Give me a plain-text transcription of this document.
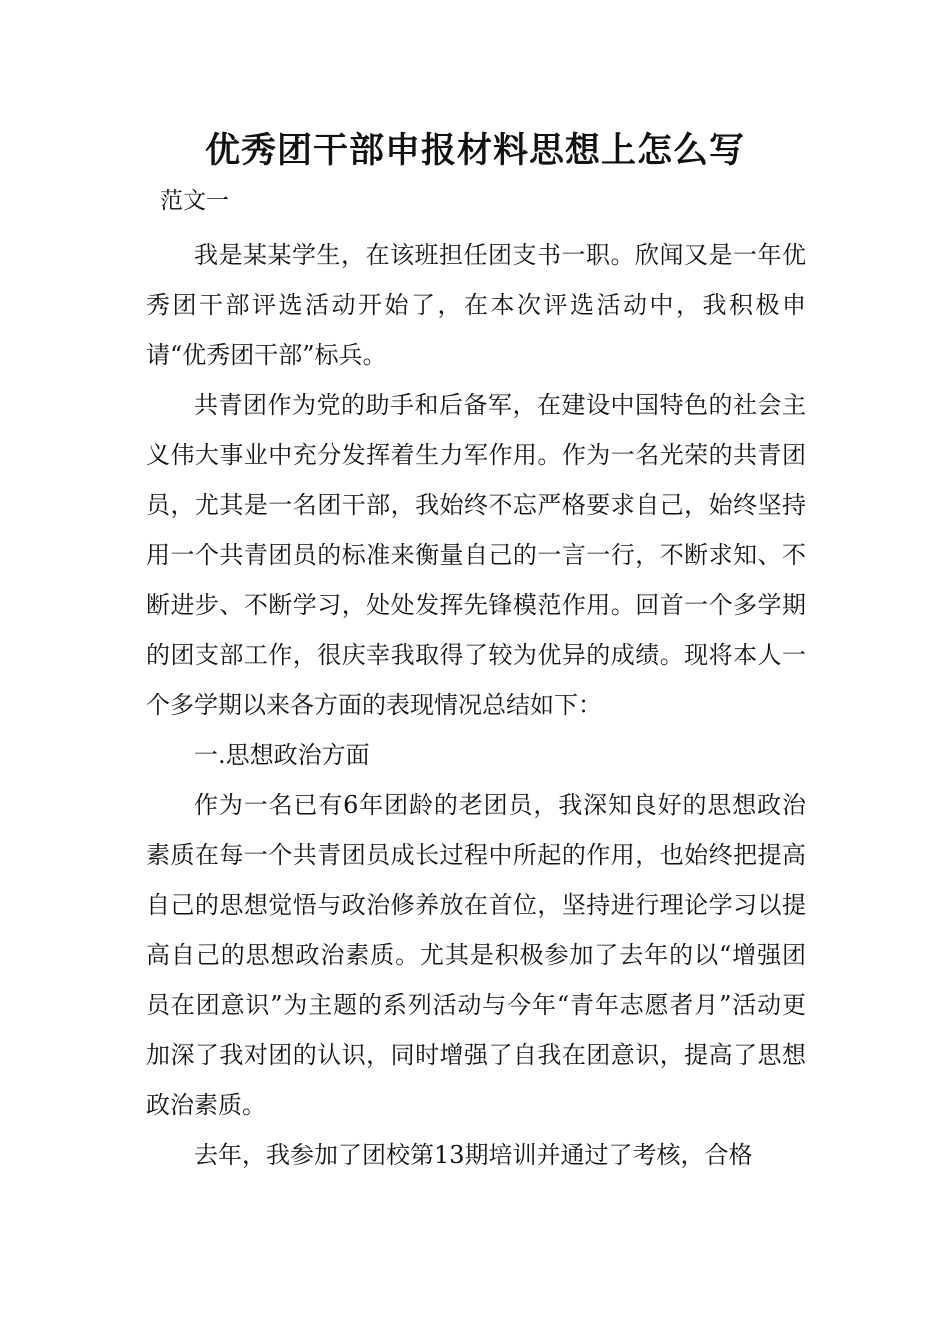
优秀团干部申报材料思想上怎么写
范文一

我是某某学生，在该班担任团支书一职。欣闻又是一年优秀团干部评选活动开始了，在本次评选活动中，我积极申请“优秀团干部”标兵。

共青团作为党的助手和后备军，在建设中国特色的社会主义伟大事业中充分发挥着生力军作用。作为一名光荣的共青团员，尤其是一名团干部，我始终不忘严格要求自己，始终坚持用一个共青团员的标准来衡量自己的一言一行，不断求知、不断进步、不断学习，处处发挥先锋模范作用。回首一个多学期的团支部工作，很庆幸我取得了较为优异的成绩。现将本人一个多学期以来各方面的表现情况总结如下：

一.思想政治方面

作为一名已有6年团龄的老团员，我深知良好的思想政治素质在每一个共青团员成长过程中所起的作用，也始终把提高自己的思想觉悟与政治修养放在首位，坚持进行理论学习以提高自己的思想政治素质。尤其是积极参加了去年的以“增强团员在团意识”为主题的系列活动与今年“青年志愿者月”活动更加深了我对团的认识，同时增强了自我在团意识，提高了思想政治素质。

去年，我参加了团校第13期培训并通过了考核，合格
